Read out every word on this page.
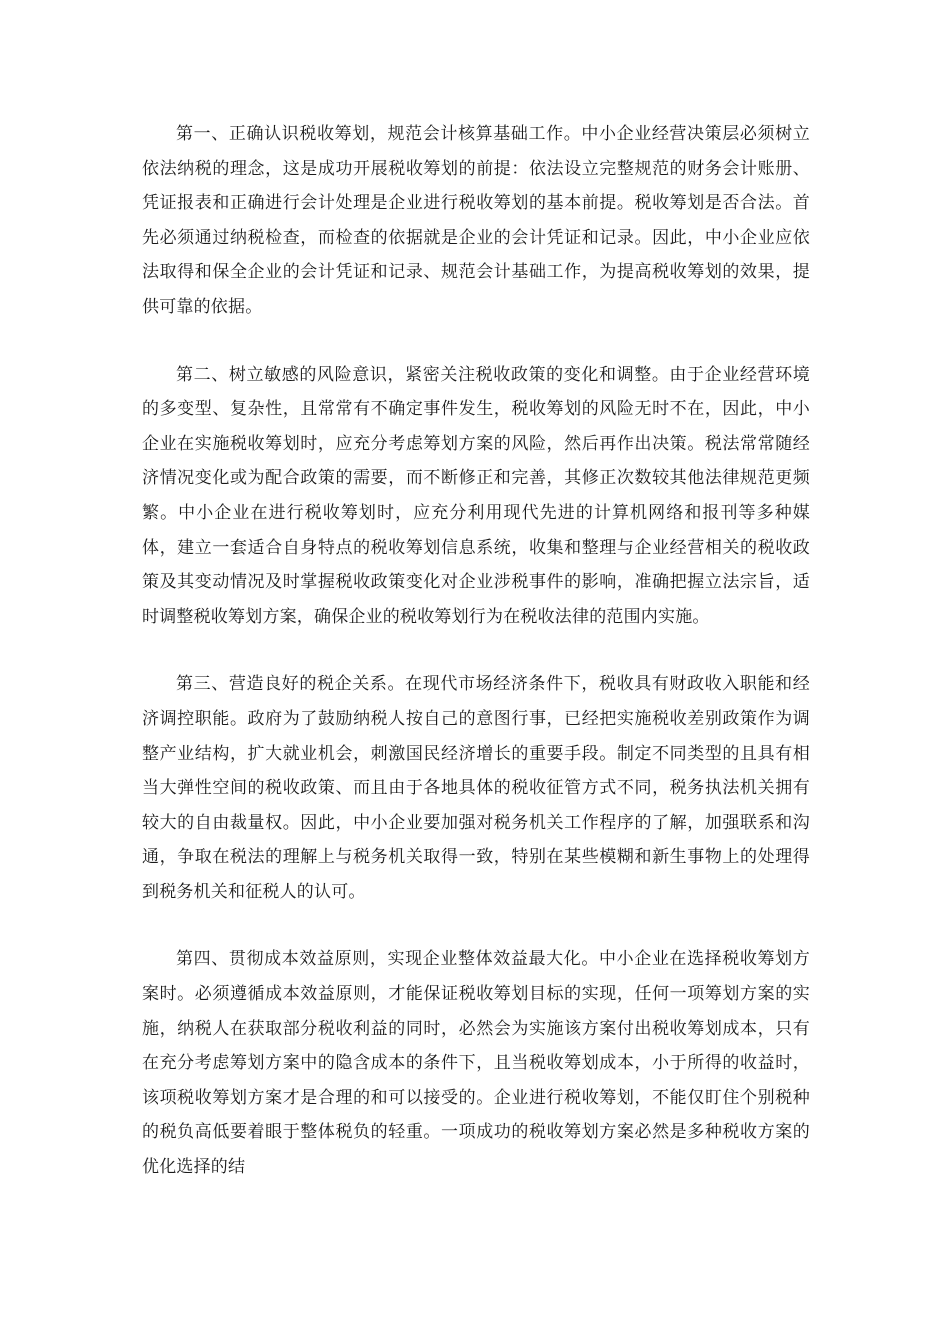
第一、正确认识税收筹划，规范会计核算基础工作。中小企业经营决策层必须树立依法纳税的理念，这是成功开展税收筹划的前提：依法设立完整规范的财务会计账册、凭证报表和正确进行会计处理是企业进行税收筹划的基本前提。税收筹划是否合法。首先必须通过纳税检查，而检查的依据就是企业的会计凭证和记录。因此，中小企业应依法取得和保全企业的会计凭证和记录、规范会计基础工作，为提高税收筹划的效果，提供可靠的依据。

第二、树立敏感的风险意识，紧密关注税收政策的变化和调整。由于企业经营环境的多变型、复杂性，且常常有不确定事件发生，税收筹划的风险无时不在，因此，中小企业在实施税收筹划时，应充分考虑筹划方案的风险，然后再作出决策。税法常常随经济情况变化或为配合政策的需要，而不断修正和完善，其修正次数较其他法律规范更频繁。中小企业在进行税收筹划时，应充分利用现代先进的计算机网络和报刊等多种媒体，建立一套适合自身特点的税收筹划信息系统，收集和整理与企业经营相关的税收政策及其变动情况及时掌握税收政策变化对企业涉税事件的影响，准确把握立法宗旨，适时调整税收筹划方案，确保企业的税收筹划行为在税收法律的范围内实施。

第三、营造良好的税企关系。在现代市场经济条件下，税收具有财政收入职能和经济调控职能。政府为了鼓励纳税人按自己的意图行事，已经把实施税收差别政策作为调整产业结构，扩大就业机会，刺激国民经济增长的重要手段。制定不同类型的且具有相当大弹性空间的税收政策、而且由于各地具体的税收征管方式不同，税务执法机关拥有较大的自由裁量权。因此，中小企业要加强对税务机关工作程序的了解，加强联系和沟通，争取在税法的理解上与税务机关取得一致，特别在某些模糊和新生事物上的处理得到税务机关和征税人的认可。

第四、贯彻成本效益原则，实现企业整体效益最大化。中小企业在选择税收筹划方案时。必须遵循成本效益原则，才能保证税收筹划目标的实现，任何一项筹划方案的实施，纳税人在获取部分税收利益的同时，必然会为实施该方案付出税收筹划成本，只有在充分考虑筹划方案中的隐含成本的条件下，且当税收筹划成本，小于所得的收益时，该项税收筹划方案才是合理的和可以接受的。企业进行税收筹划，不能仅盯住个别税种的税负高低要着眼于整体税负的轻重。一项成功的税收筹划方案必然是多种税收方案的优化选择的结
